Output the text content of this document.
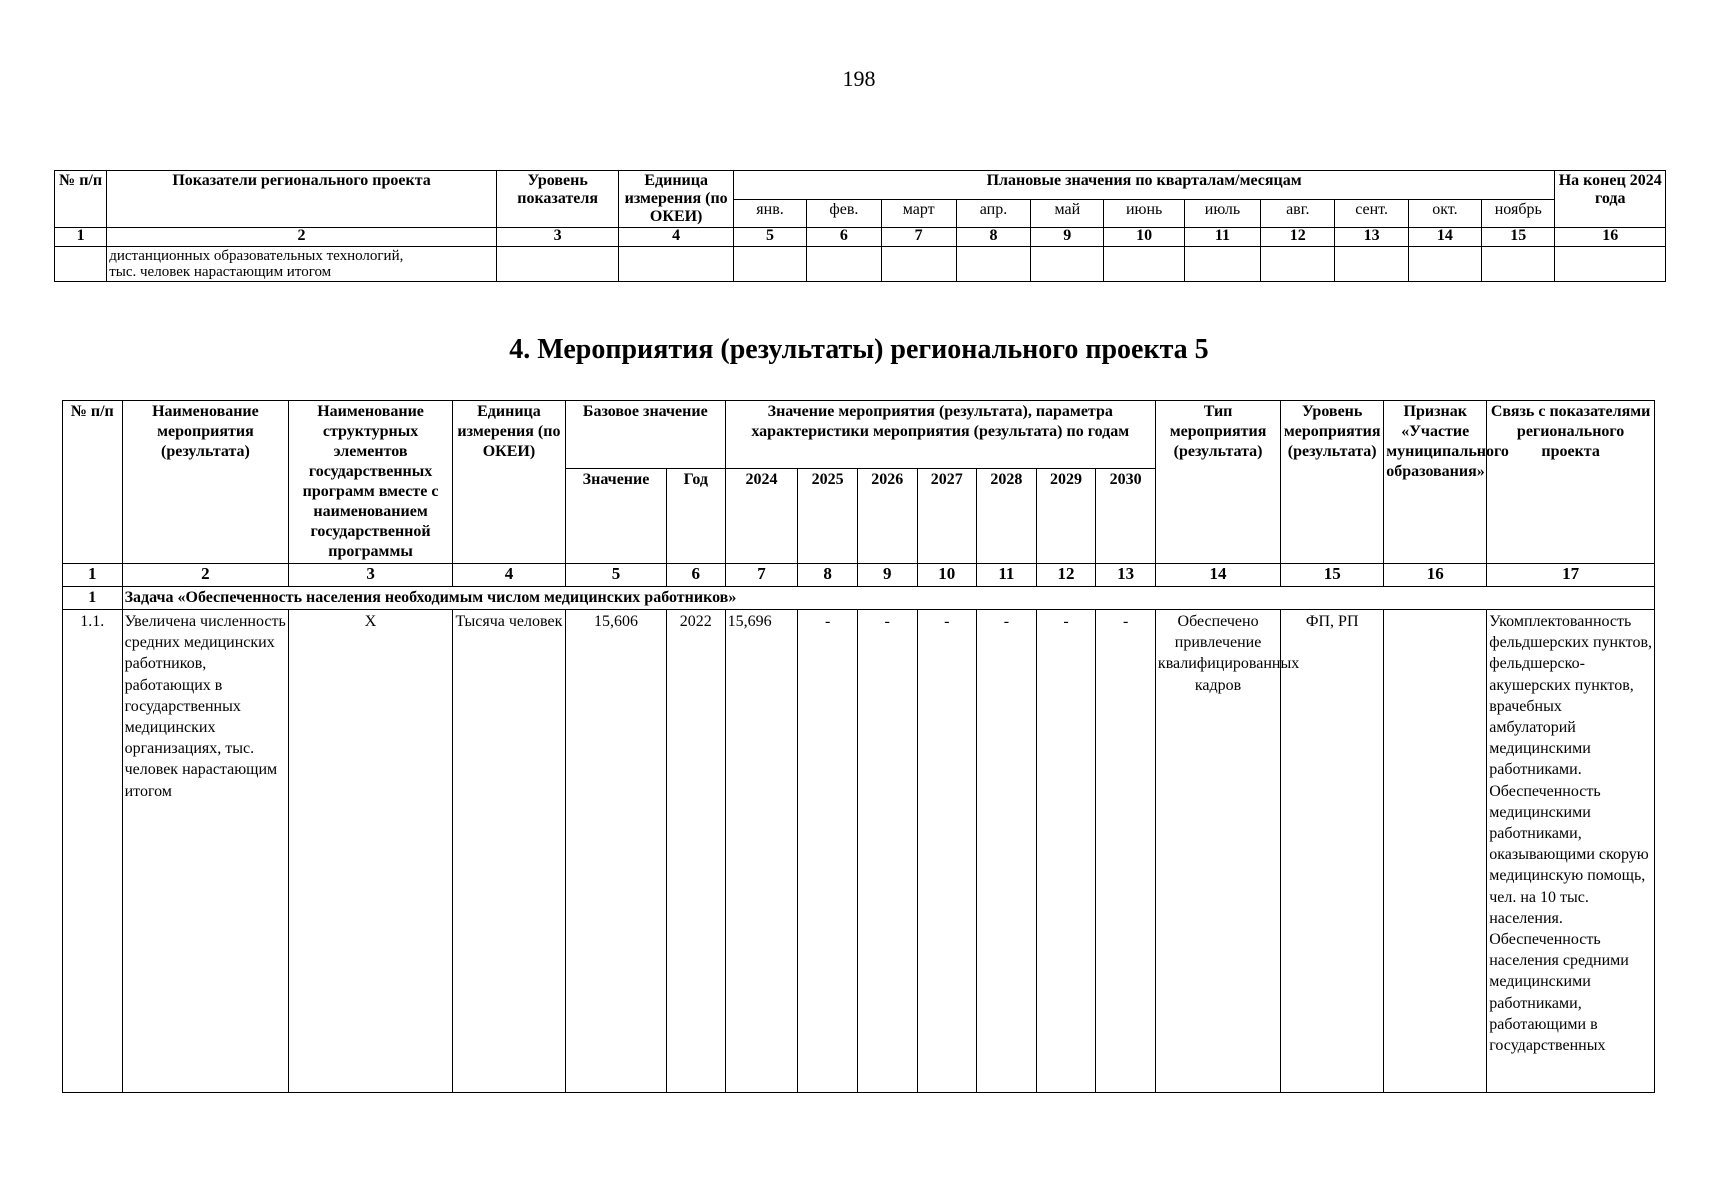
198
№ п/п	Показатели регионального проекта	Уровень показателя	Единица измерения (по ОКЕИ)	Плановые значения по кварталам/месяцам											На конец 2024 года
				янв.	фев.	март	апр.	май	июнь	июль	авг.	сент.	окт.	ноябрь	
1	2	3	4	5	6	7	8	9	10	11	12	13	14	15	16

	дистанционных образовательных технологий,
тыс. человек нарастающим итогом														

4. Мероприятия (результаты) регионального проекта 5
№ п/п	Наименование мероприятия (результата)	Наименование структурных элементов государственных программ вместе с наименованием государственной программы	Единица измерения (по ОКЕИ)	Базовое значение		Значение мероприятия (результата), параметра характеристики мероприятия (результата) по годам							Тип мероприятия (результата)	Уровень мероприятия (результата)	Признак «Участие муниципального образования»	Связь с показателями регионального проекта
				Значение	Год	2024	2025	2026	2027	2028	2029	2030				
1	2	3	4	5	6	7	8	9	10	11	12	13	14	15	16	17
1	Задача «Обеспеченность населения необходимым числом медицинских работников»															
1.1.	Увеличена численность средних медицинских работников, работающих в государственных медицинских организациях, тыс. человек нарастающим итогом	X	Тысяча человек	15,606	2022	15,696	-	-	-	-	-	-	Обеспечено привлечение квалифицированных кадров	ФП, РП		Укомплектованность фельдшерских пунктов, фельдшерско-акушерских пунктов, врачебных амбулаторий медицинскими работниками. Обеспеченность медицинскими работниками, оказывающими скорую медицинскую помощь, чел. на 10 тыс. населения. Обеспеченность населения средними медицинскими работниками, работающими в государственных
